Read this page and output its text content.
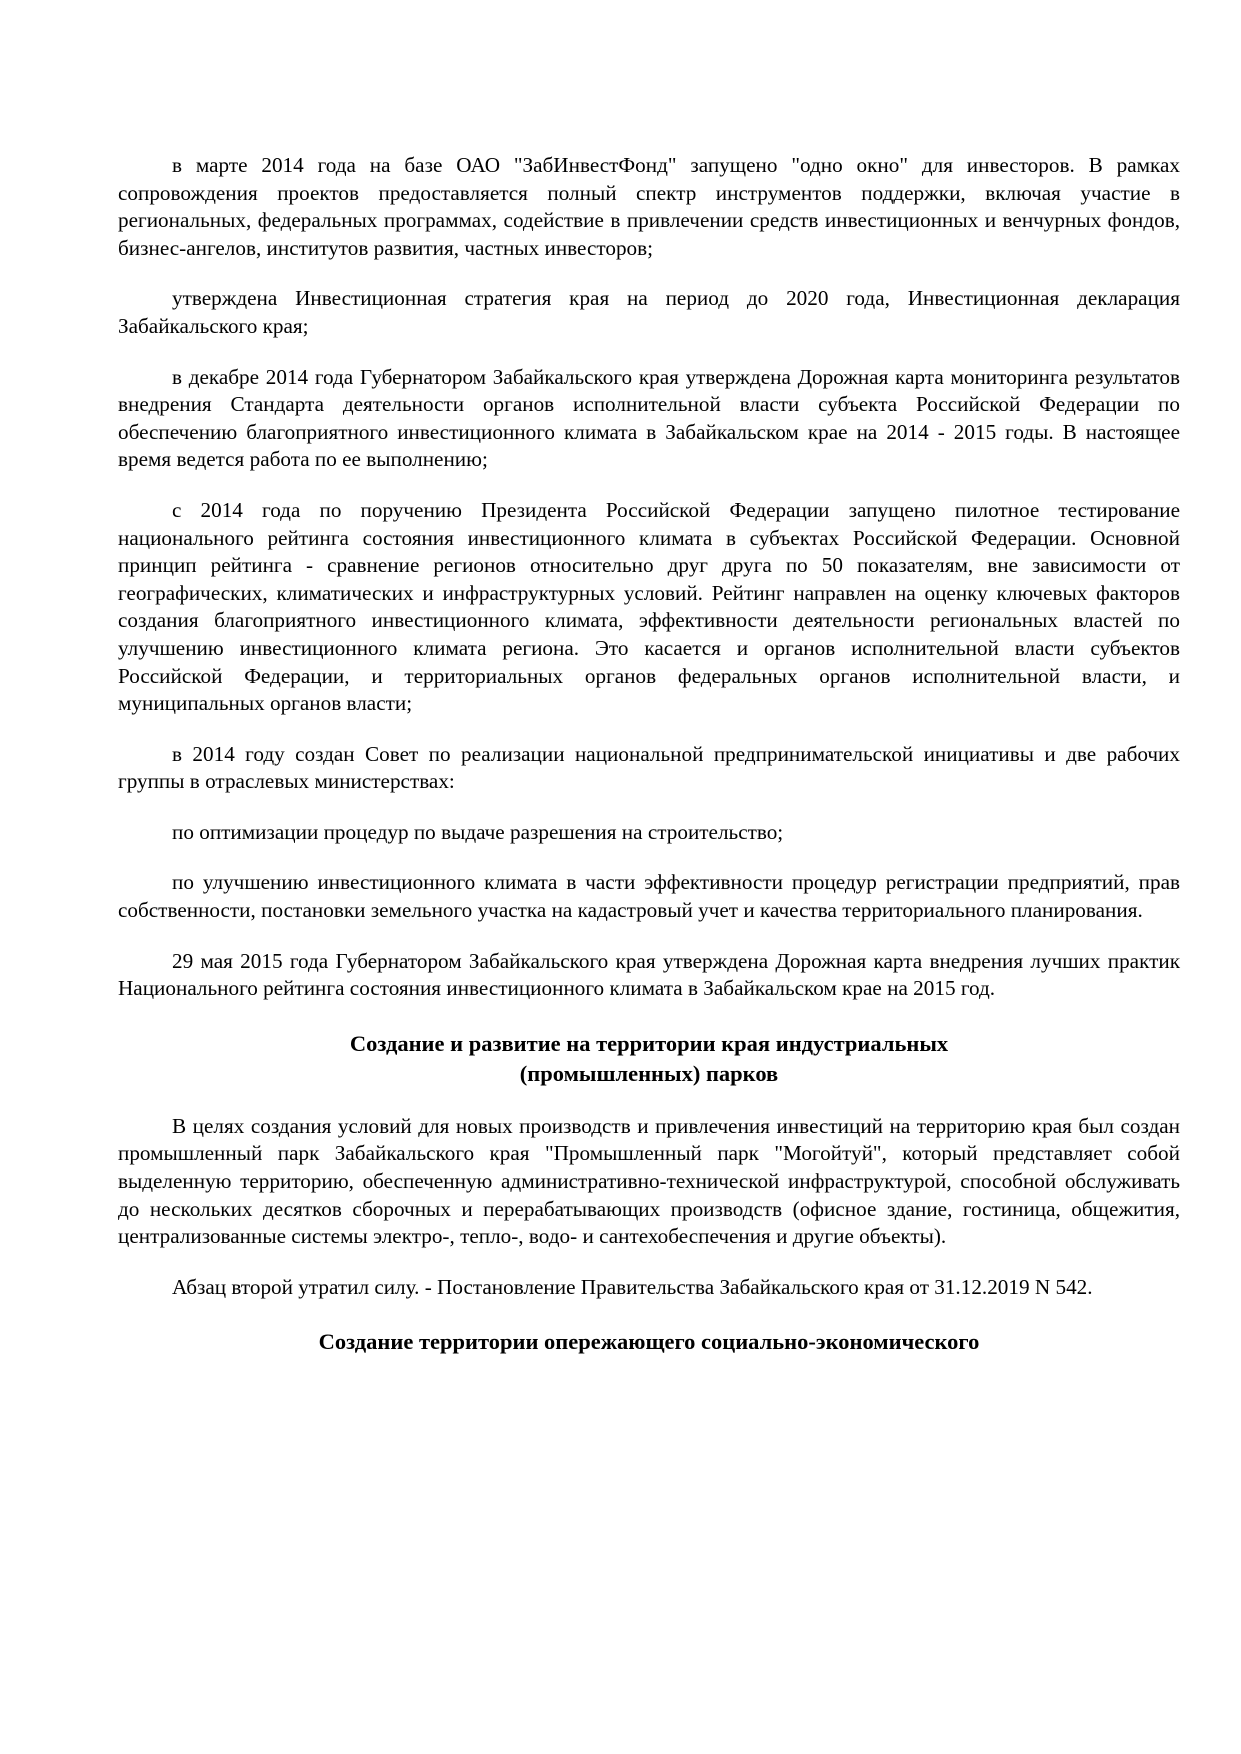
в марте 2014 года на базе ОАО "ЗабИнвестФонд" запущено "одно окно" для инвесторов. В рамках сопровождения проектов предоставляется полный спектр инструментов поддержки, включая участие в региональных, федеральных программах, содействие в привлечении средств инвестиционных и венчурных фондов, бизнес-ангелов, институтов развития, частных инвесторов;

утверждена Инвестиционная стратегия края на период до 2020 года, Инвестиционная декларация Забайкальского края;

в декабре 2014 года Губернатором Забайкальского края утверждена Дорожная карта мониторинга результатов внедрения Стандарта деятельности органов исполнительной власти субъекта Российской Федерации по обеспечению благоприятного инвестиционного климата в Забайкальском крае на 2014 - 2015 годы. В настоящее время ведется работа по ее выполнению;

с 2014 года по поручению Президента Российской Федерации запущено пилотное тестирование национального рейтинга состояния инвестиционного климата в субъектах Российской Федерации. Основной принцип рейтинга - сравнение регионов относительно друг друга по 50 показателям, вне зависимости от географических, климатических и инфраструктурных условий. Рейтинг направлен на оценку ключевых факторов создания благоприятного инвестиционного климата, эффективности деятельности региональных властей по улучшению инвестиционного климата региона. Это касается и органов исполнительной власти субъектов Российской Федерации, и территориальных органов федеральных органов исполнительной власти, и муниципальных органов власти;

в 2014 году создан Совет по реализации национальной предпринимательской инициативы и две рабочих группы в отраслевых министерствах:

по оптимизации процедур по выдаче разрешения на строительство;

по улучшению инвестиционного климата в части эффективности процедур регистрации предприятий, прав собственности, постановки земельного участка на кадастровый учет и качества территориального планирования.

29 мая 2015 года Губернатором Забайкальского края утверждена Дорожная карта внедрения лучших практик Национального рейтинга состояния инвестиционного климата в Забайкальском крае на 2015 год.

Создание и развитие на территории края индустриальных
(промышленных) парков

В целях создания условий для новых производств и привлечения инвестиций на территорию края был создан промышленный парк Забайкальского края "Промышленный парк "Могойтуй", который представляет собой выделенную территорию, обеспеченную административно-технической инфраструктурой, способной обслуживать до нескольких десятков сборочных и перерабатывающих производств (офисное здание, гостиница, общежития, централизованные системы электро-, тепло-, водо- и сантехобеспечения и другие объекты).

Абзац второй утратил силу. - Постановление Правительства Забайкальского края от 31.12.2019 N 542.

Создание территории опережающего социально-экономического
